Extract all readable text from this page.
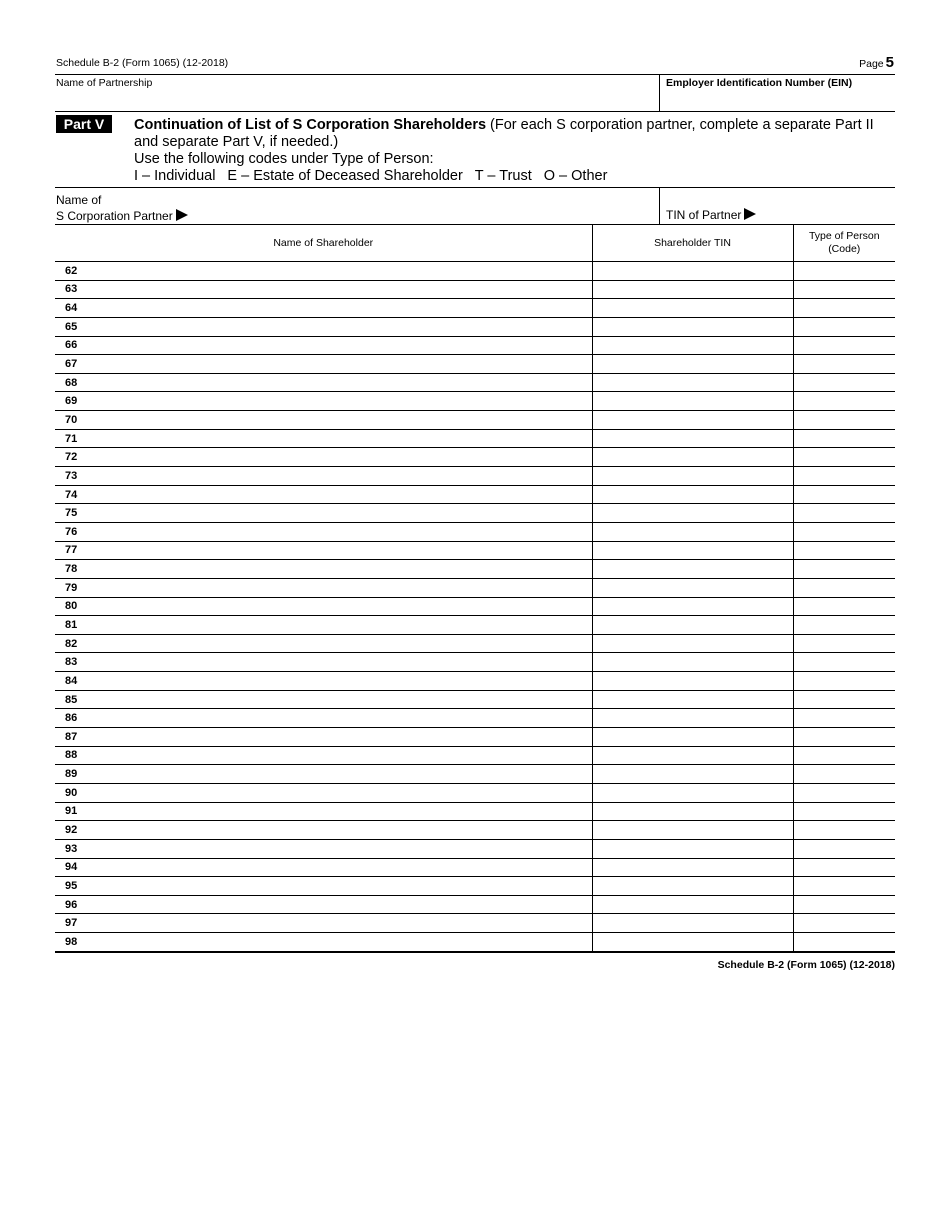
Schedule B-2 (Form 1065) (12-2018)	Page 5
Name of Partnership	Employer Identification Number (EIN)
Part V	Continuation of List of S Corporation Shareholders (For each S corporation partner, complete a separate Part II and separate Part V, if needed.)
Use the following codes under Type of Person:
I – Individual E – Estate of Deceased Shareholder T – Trust O – Other
Name of
S Corporation Partner	TIN of Partner
Name of Shareholder	Shareholder TIN	Type of Person
(Code)
62		
63		
64		
65		
66		
67		
68		
69		
70		
71		
72		
73		
74		
75		
76		
77		
78		
79		
80		
81		
82		
83		
84		
85		
86		
87		
88		
89		
90		
91		
92		
93		
94		
95		
96		
97		
98		
Schedule B-2 (Form 1065) (12-2018)
